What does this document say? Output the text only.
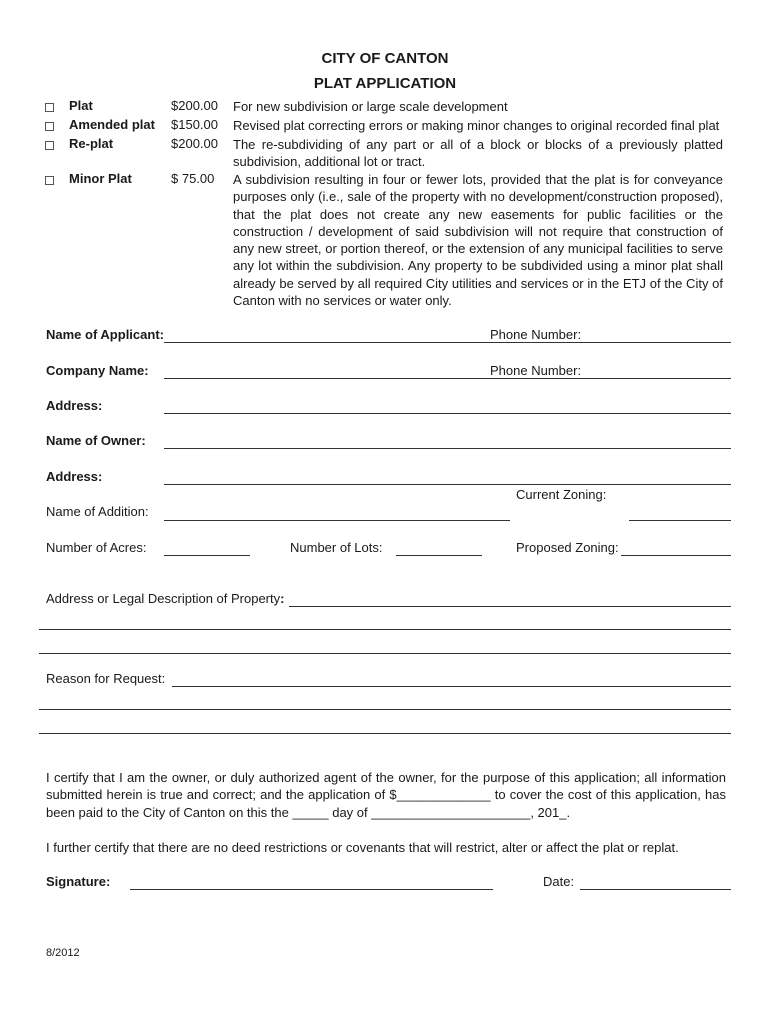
CITY OF CANTON
PLAT APPLICATION
Plat	$200.00 For new subdivision or large scale development
Amended plat $150.00 Revised plat correcting errors or making minor changes to original recorded final plat
Re-plat	$200.00 The re-subdividing of any part or all of a block or blocks of a previously platted subdivision, additional lot or tract.
Minor Plat	$ 75.00 A subdivision resulting in four or fewer lots, provided that the plat is for conveyance purposes only (i.e., sale of the property with no development/construction proposed), that the plat does not create any new easements for public facilities or the construction / development of said subdivision will not require that construction of any new street, or portion thereof, or the extension of any municipal facilities to serve any lot within the subdivision. Any property to be subdivided using a minor plat shall already be served by all required City utilities and services or in the ETJ of the City of Canton with no services or water only.
Name of Applicant:	Phone Number:
Company Name:	Phone Number:
Address:
Name of Owner:
Address:
Current Zoning:
Name of Addition:
Number of Acres:	Number of Lots:	Proposed Zoning:
Address or Legal Description of Property:
Reason for Request:
I certify that I am the owner, or duly authorized agent of the owner, for the purpose of this application; all information submitted herein is true and correct; and the application of $_____________ to cover the cost of this application, has been paid to the City of Canton on this the _____ day of ______________________, 201_.
I further certify that there are no deed restrictions or covenants that will restrict, alter or affect the plat or replat.
Signature:	Date:
8/2012
